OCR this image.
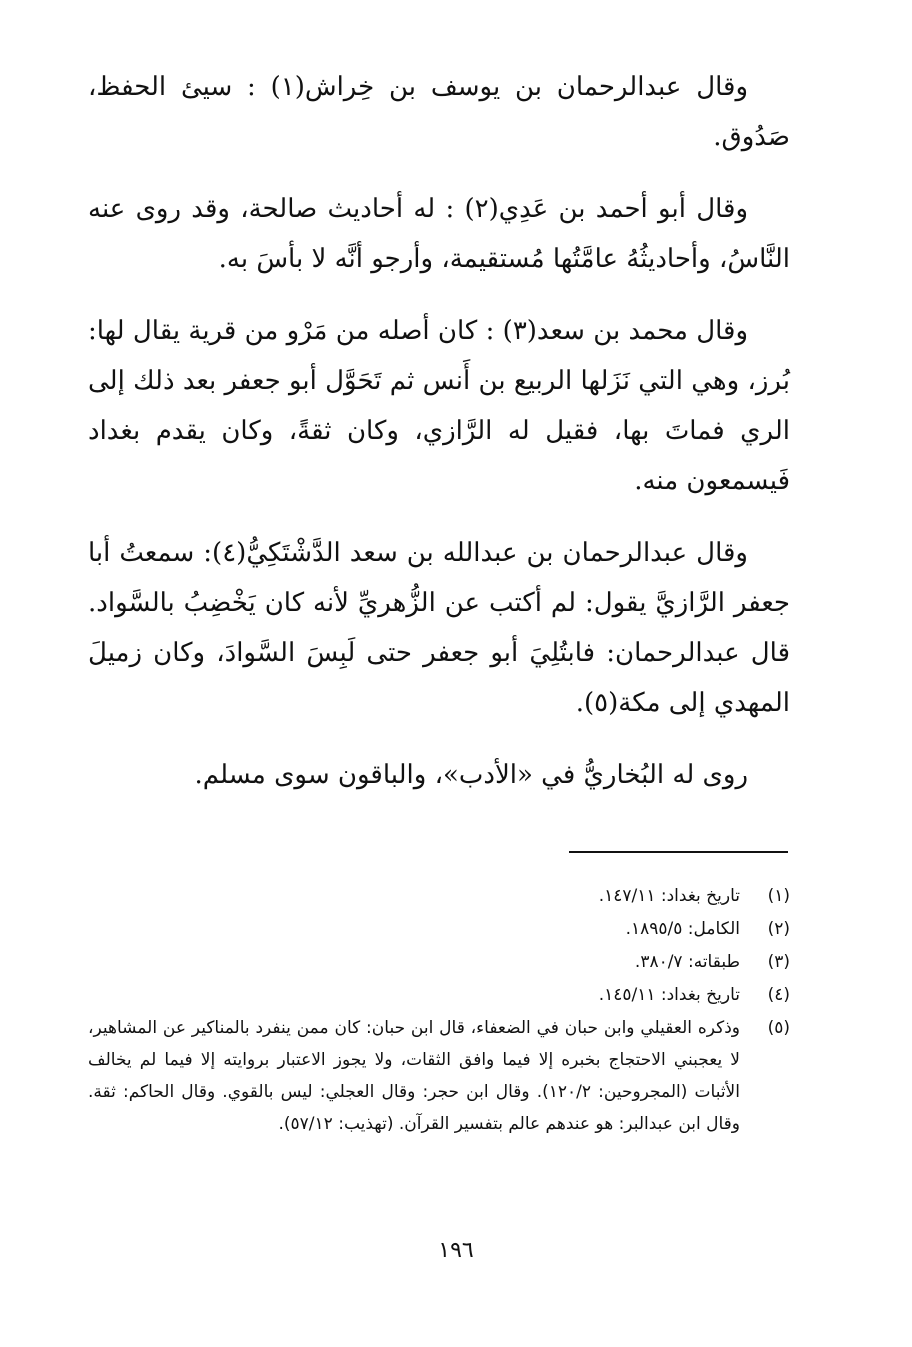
وقال عبدالرحمان بن يوسف بن خِراش(١) : سيئ الحفظ، صَدُوق.

وقال أبو أحمد بن عَدِي(٢) : له أحاديث صالحة، وقد روى عنه النَّاسُ، وأحاديثُهُ عامَّتُها مُستقيمة، وأرجو أنَّه لا بأسَ به.

وقال محمد بن سعد(٣) : كان أصله من مَرْو من قرية يقال لها: بُرز، وهي التي نَزَلها الربيع بن أَنس ثم تَحَوَّل أبو جعفر بعد ذلك إلى الري فماتَ بها، فقيل له الرَّازي، وكان ثقةً، وكان يقدم بغداد فَيسمعون منه.

وقال عبدالرحمان بن عبدالله بن سعد الدَّشْتَكِيُّ(٤): سمعتُ أبا جعفر الرَّازيَّ يقول: لم أكتب عن الزُّهريِّ لأنه كان يَخْضِبُ بالسَّواد. قال عبدالرحمان: فابتُلِيَ أبو جعفر حتى لَبِسَ السَّوادَ، وكان زميلَ المهدي إلى مكة(٥).

روى له البُخاريُّ في «الأدب»، والباقون سوى مسلم.

(١)
تاريخ بغداد: ١٤٧/١١.
(٢)
الكامل: ١٨٩٥/٥.
(٣)
طبقاته: ٣٨٠/٧.
(٤)
تاريخ بغداد: ١٤٥/١١.
(٥)
وذكره العقيلي وابن حبان في الضعفاء، قال ابن حبان: كان ممن ينفرد بالمناكير عن المشاهير، لا يعجبني الاحتجاج بخبره إلا فيما وافق الثقات، ولا يجوز الاعتبار بروايته إلا فيما لم يخالف الأثبات (المجروحين: ١٢٠/٢). وقال ابن حجر: وقال العجلي: ليس بالقوي. وقال الحاكم: ثقة. وقال ابن عبدالبر: هو عندهم عالم بتفسير القرآن. (تهذيب: ٥٧/١٢).
١٩٦
